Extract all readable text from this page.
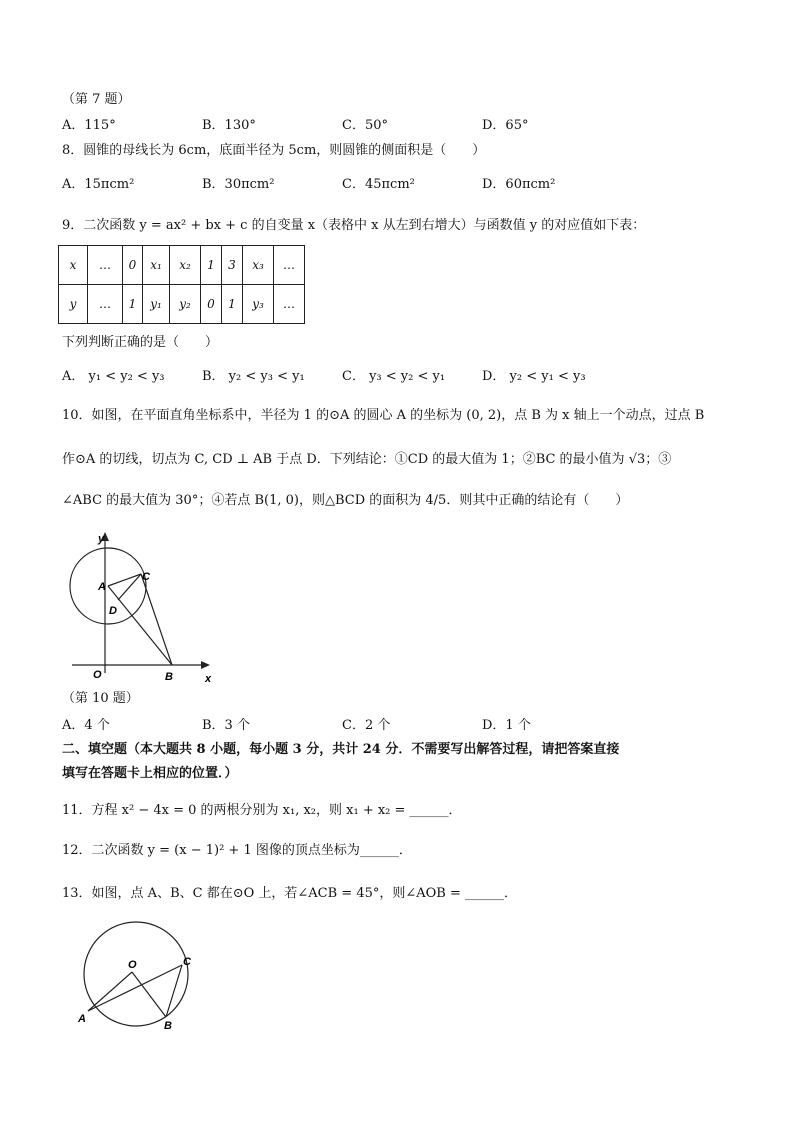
（第 7 题）
A．115°	B．130°	C．50°	D．65°
8．圆锥的母线长为 6cm，底面半径为 5cm，则圆锥的侧面积是（　　）
A．15πcm²	B．30πcm²	C．45πcm²	D．60πcm²
9．二次函数 y = ax² + bx + c 的自变量 x（表格中 x 从左到右增大）与函数值 y 的对应值如下表：
x	…	0	x₁	x₂	1	3	x₃	…
y	…	1	y₁	y₂	0	1	y₃	…
下列判断正确的是（　　）
A． y₁ < y₂ < y₃	B． y₂ < y₃ < y₁	C． y₃ < y₂ < y₁	D． y₂ < y₁ < y₃
10．如图，在平面直角坐标系中，半径为 1 的⊙A 的圆心 A 的坐标为 (0, 2)，点 B 为 x 轴上一个动点，过点 B
作⊙A 的切线，切点为 C, CD ⊥ AB 于点 D．下列结论：①CD 的最大值为 1；②BC 的最小值为 √3；③
∠ABC 的最大值为 30°；④若点 B(1, 0)，则△BCD 的面积为 4/5．则其中正确的结论有（　　）
y
x
O
A
B
C
D
（第 10 题）
A．4 个	B．3 个	C．2 个	D．1 个
二、填空题（本大题共 8 小题，每小题 3 分，共计 24 分．不需要写出解答过程，请把答案直接
填写在答题卡上相应的位置．）
11．方程 x² − 4x = 0 的两根分别为 x₁, x₂，则 x₁ + x₂ = ______．
12．二次函数 y = (x − 1)² + 1 图像的顶点坐标为______．
13．如图，点 A、B、C 都在⊙O 上，若∠ACB = 45°，则∠AOB = ______．
O
A
B
C
